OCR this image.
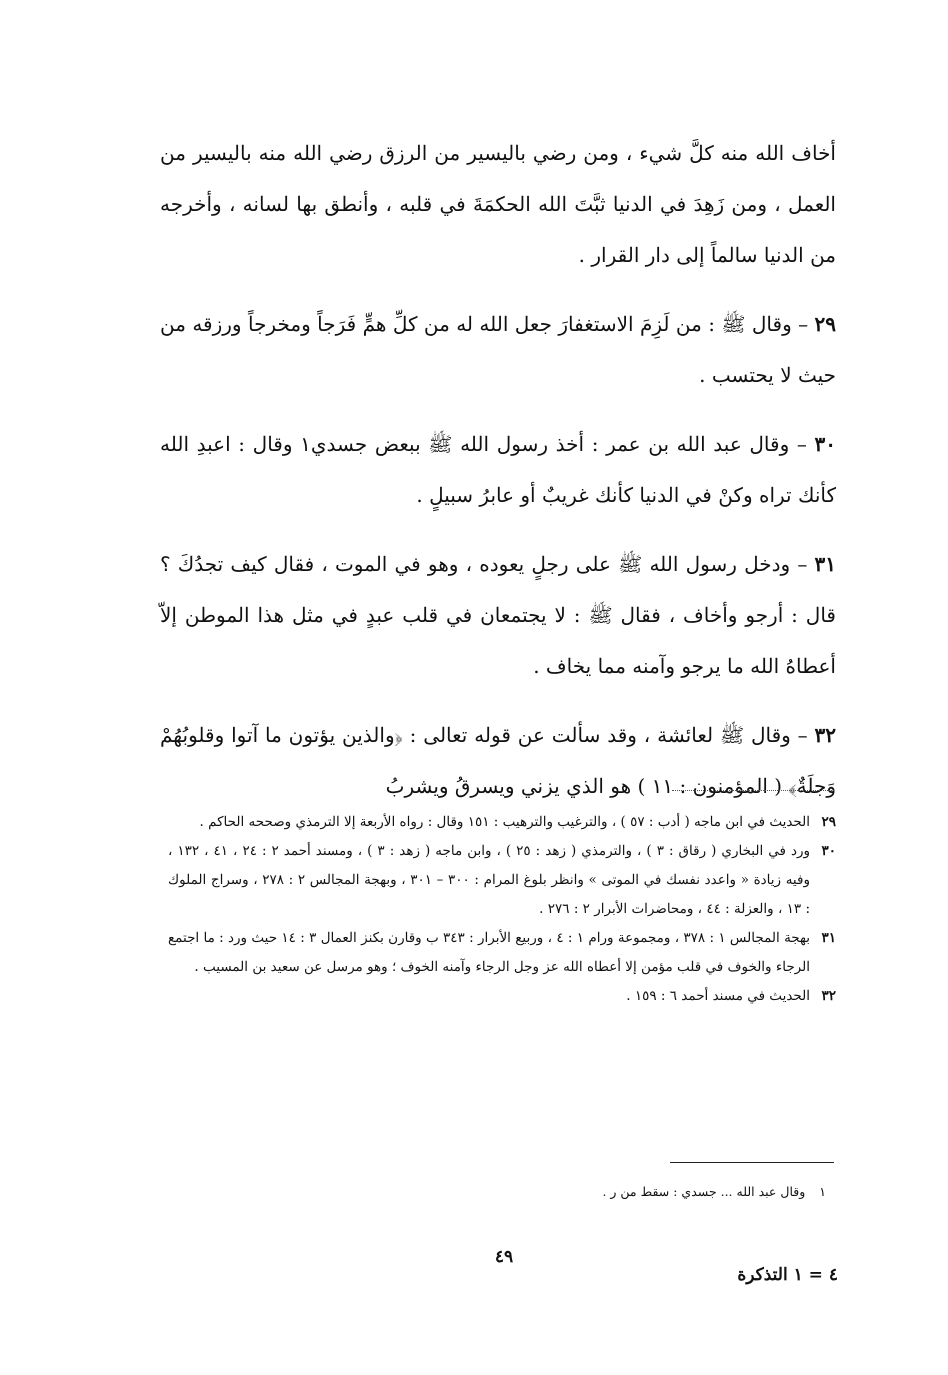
أخاف الله منه كلَّ شيء ، ومن رضي باليسير من الرزق رضي الله منه باليسير من العمل ، ومن زَهِدَ في الدنيا ثبَّتَ الله الحكمَةَ في قلبه ، وأنطق بها لسانه ، وأخرجه من الدنيا سالماً إلى دار القرار .

٢٩ – وقال ﷺ : من لَزِمَ الاستغفارَ جعل الله له من كلِّ همٍّ فَرَجاً ومخرجاً ورزقه من حيث لا يحتسب .

٣٠ – وقال عبد الله بن عمر : أخذ رسول الله ﷺ ببعض جسدي١ وقال : اعبدِ الله كأنك تراه وكنْ في الدنيا كأنك غريبٌ أو عابرُ سبيلٍ .

٣١ – ودخل رسول الله ﷺ على رجلٍ يعوده ، وهو في الموت ، فقال كيف تجدُكَ ؟ قال : أرجو وأخاف ، فقال ﷺ : لا يجتمعان في قلب عبدٍ في مثل هذا الموطن إلاّ أعطاهُ الله ما يرجو وآمنه مما يخاف .

٣٢ – وقال ﷺ لعائشة ، وقد سألت عن قوله تعالى : ﴿والذين يؤتون ما آتوا وقلوبُهُمْ وَجلَةٌ﴾ ( المؤمنون : ١١ ) هو الذي يزني ويسرقُ ويشربُ

٢٩
الحديث في ابن ماجه ( أدب : ٥٧ ) ، والترغيب والترهيب : ١٥١ وقال : رواه الأربعة إلا الترمذي وصححه الحاكم .
٣٠
ورد في البخاري ( رقاق : ٣ ) ، والترمذي ( زهد : ٢٥ ) ، وابن ماجه ( زهد : ٣ ) ، ومسند أحمد ٢ : ٢٤ ، ٤١ ، ١٣٢ ، وفيه زيادة « واعدد نفسك في الموتى » وانظر بلوغ المرام : ٣٠٠ – ٣٠١ ، وبهجة المجالس ٢ : ٢٧٨ ، وسراج الملوك : ١٣ ، والعزلة : ٤٤ ، ومحاضرات الأبرار ٢ : ٢٧٦ .
٣١
بهجة المجالس ١ : ٣٧٨ ، ومجموعة ورام ١ : ٤ ، وربيع الأبرار : ٣٤٣ ب وقارن بكنز العمال ٣ : ١٤ حيث ورد : ما اجتمع الرجاء والخوف في قلب مؤمن إلا أعطاه الله عز وجل الرجاء وآمنه الخوف ؛ وهو مرسل عن سعيد بن المسيب .
٣٢
الحديث في مسند أحمد ٦ : ١٥٩ .
١وقال عبد الله ... جسدي : سقط من ر .
٤٩
٤ = ١ التذكرة
